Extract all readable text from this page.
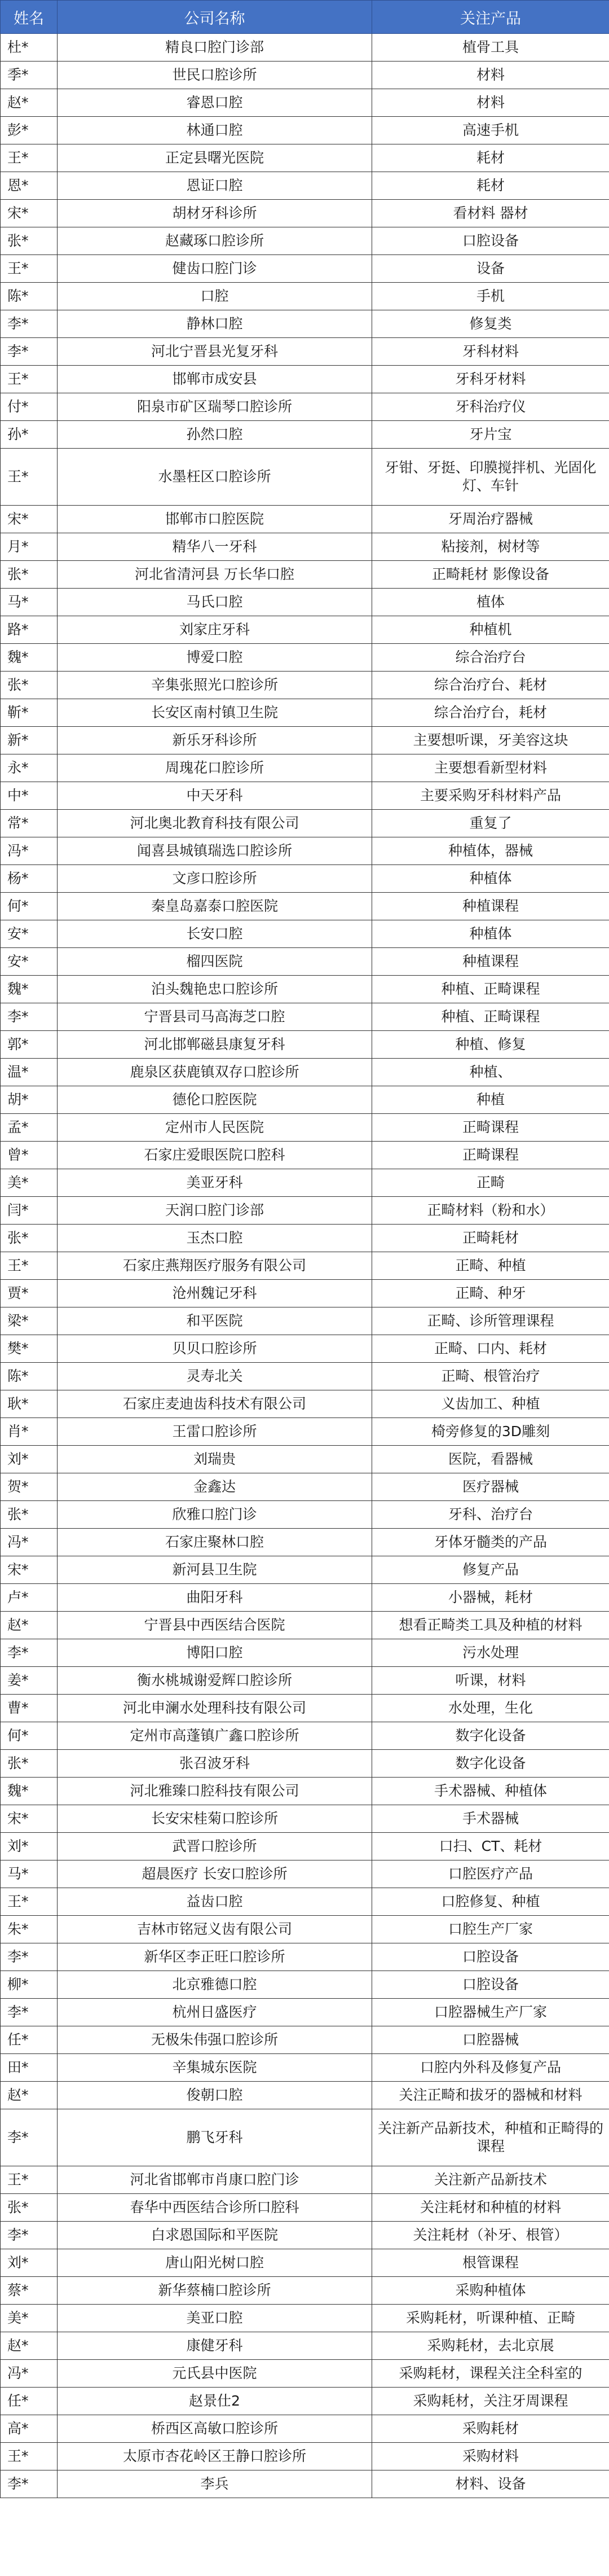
姓名	公司名称	关注产品
杜*	精良口腔门诊部	植骨工具
季*	世民口腔诊所	材料
赵*	睿恩口腔	材料
彭*	林通口腔	高速手机
王*	正定县曙光医院	耗材
恩*	恩证口腔	耗材
宋*	胡材牙科诊所	看材料 器材
张*	赵藏琢口腔诊所	口腔设备
王*	健齿口腔门诊	设备
陈*	口腔	手机
李*	静林口腔	修复类
李*	河北宁晋县光复牙科	牙科材料
王*	邯郸市成安县	牙科牙材料
付*	阳泉市矿区瑞琴口腔诊所	牙科治疗仪
孙*	孙然口腔	牙片宝
王*	水墨枉区口腔诊所	牙钳、牙挺、印膜搅拌机、光固化灯、车针
宋*	邯郸市口腔医院	牙周治疗器械
月*	精华八一牙科	粘接剂，树材等
张*	河北省清河县 万长华口腔	正畸耗材 影像设备
马*	马氏口腔	植体
路*	刘家庄牙科	种植机
魏*	博爱口腔	综合治疗台
张*	辛集张照光口腔诊所	综合治疗台、耗材
靳*	长安区南村镇卫生院	综合治疗台，耗材
新*	新乐牙科诊所	主要想听课，牙美容这块
永*	周瑰花口腔诊所	主要想看新型材料
中*	中天牙科	主要采购牙科材料产品
常*	河北奥北教育科技有限公司	重复了
冯*	闻喜县城镇瑞选口腔诊所	种植体，器械
杨*	文彦口腔诊所	种植体
何*	秦皇岛嘉泰口腔医院	种植课程
安*	长安口腔	种植体
安*	榴四医院	种植课程
魏*	泊头魏艳忠口腔诊所	种植、正畸课程
李*	宁晋县司马高海芝口腔	种植、正畸课程
郭*	河北邯郸磁县康复牙科	种植、修复
温*	鹿泉区获鹿镇双存口腔诊所	种植、
胡*	德伦口腔医院	种植
孟*	定州市人民医院	正畸课程
曾*	石家庄爱眼医院口腔科	正畸课程
美*	美亚牙科	正畸
闫*	天润口腔门诊部	正畸材料（粉和水）
张*	玉杰口腔	正畸耗材
王*	石家庄燕翔医疗服务有限公司	正畸、种植
贾*	沧州魏记牙科	正畸、种牙
梁*	和平医院	正畸、诊所管理课程
樊*	贝贝口腔诊所	正畸、口内、耗材
陈*	灵寿北关	正畸、根管治疗
耿*	石家庄麦迪齿科技术有限公司	义齿加工、种植
肖*	王雷口腔诊所	椅旁修复的3D雕刻
刘*	刘瑞贵	医院，看器械
贺*	金鑫达	医疗器械
张*	欣雅口腔门诊	牙科、治疗台
冯*	石家庄聚林口腔	牙体牙髓类的产品
宋*	新河县卫生院	修复产品
卢*	曲阳牙科	小器械，耗材
赵*	宁晋县中西医结合医院	想看正畸类工具及种植的材料
李*	博阳口腔	污水处理
姜*	衡水桃城谢爱辉口腔诊所	听课，材料
曹*	河北申澜水处理科技有限公司	水处理，生化
何*	定州市高蓬镇广鑫口腔诊所	数字化设备
张*	张召波牙科	数字化设备
魏*	河北雅臻口腔科技有限公司	手术器械、种植体
宋*	长安宋桂菊口腔诊所	手术器械
刘*	武晋口腔诊所	口扫、CT、耗材
马*	超晨医疗 长安口腔诊所	口腔医疗产品
王*	益齿口腔	口腔修复、种植
朱*	吉林市铭冠义齿有限公司	口腔生产厂家
李*	新华区李正旺口腔诊所	口腔设备
柳*	北京雅德口腔	口腔设备
李*	杭州日盛医疗	口腔器械生产厂家
任*	无极朱伟强口腔诊所	口腔器械
田*	辛集城东医院	口腔内外科及修复产品
赵*	俊朝口腔	关注正畸和拔牙的器械和材料
李*	鹏飞牙科	关注新产品新技术，种植和正畸得的课程
王*	河北省邯郸市肖康口腔门诊	关注新产品新技术
张*	春华中西医结合诊所口腔科	关注耗材和种植的材料
李*	白求恩国际和平医院	关注耗材（补牙、根管）
刘*	唐山阳光树口腔	根管课程
蔡*	新华蔡楠口腔诊所	采购种植体
美*	美亚口腔	采购耗材，听课种植、正畸
赵*	康健牙科	采购耗材，去北京展
冯*	元氏县中医院	采购耗材，课程关注全科室的
任*	赵景仕2	采购耗材，关注牙周课程
高*	桥西区高敏口腔诊所	采购耗材
王*	太原市杏花岭区王静口腔诊所	采购材料
李*	李兵	材料、设备
